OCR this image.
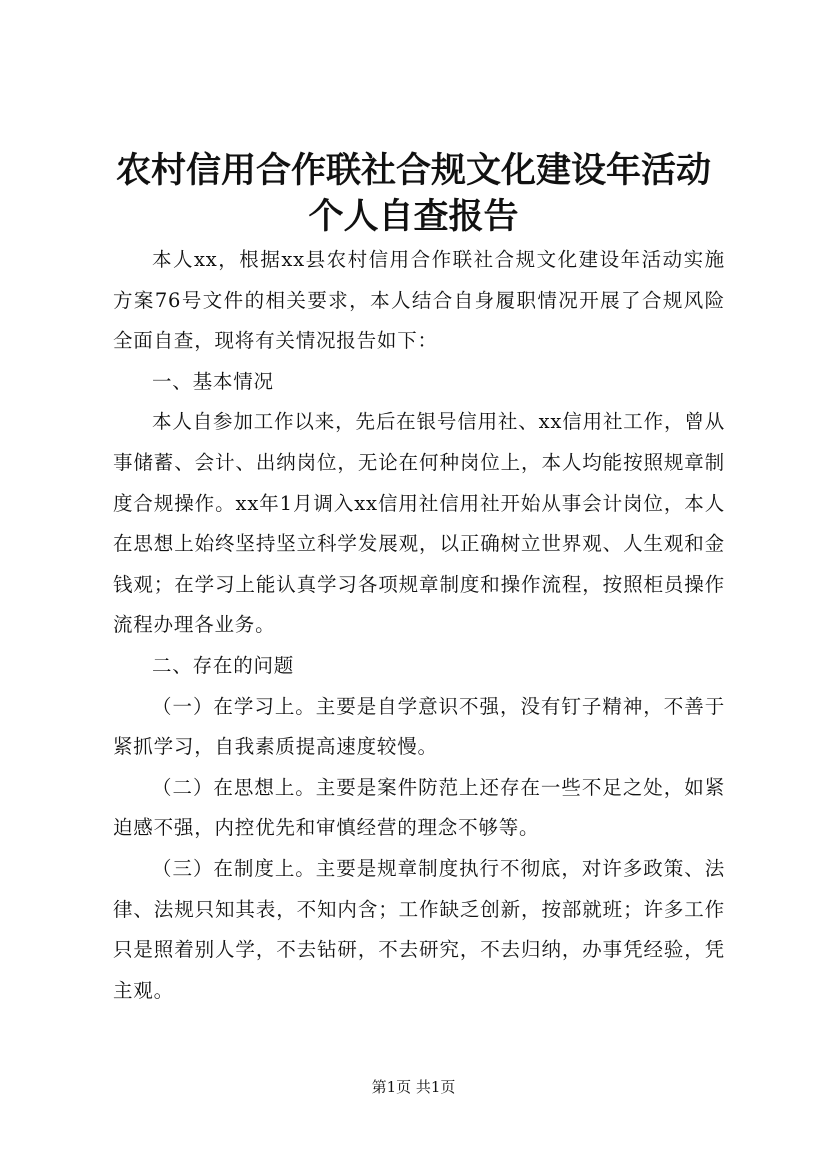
农村信用合作联社合规文化建设年活动个人自查报告

本人xx，根据xx县农村信用合作联社合规文化建设年活动实施方案76号文件的相关要求，本人结合自身履职情况开展了合规风险全面自查，现将有关情况报告如下：

一、基本情况

本人自参加工作以来，先后在银号信用社、xx信用社工作，曾从事储蓄、会计、出纳岗位，无论在何种岗位上，本人均能按照规章制度合规操作。xx年1月调入xx信用社信用社开始从事会计岗位，本人在思想上始终坚持坚立科学发展观，以正确树立世界观、人生观和金钱观；在学习上能认真学习各项规章制度和操作流程，按照柜员操作流程办理各业务。

二、存在的问题

（一）在学习上。主要是自学意识不强，没有钉子精神，不善于紧抓学习，自我素质提高速度较慢。

（二）在思想上。主要是案件防范上还存在一些不足之处，如紧迫感不强，内控优先和审慎经营的理念不够等。

（三）在制度上。主要是规章制度执行不彻底，对许多政策、法律、法规只知其表，不知内含；工作缺乏创新，按部就班；许多工作只是照着别人学，不去钻研，不去研究，不去归纳，办事凭经验，凭主观。

第1页 共1页
